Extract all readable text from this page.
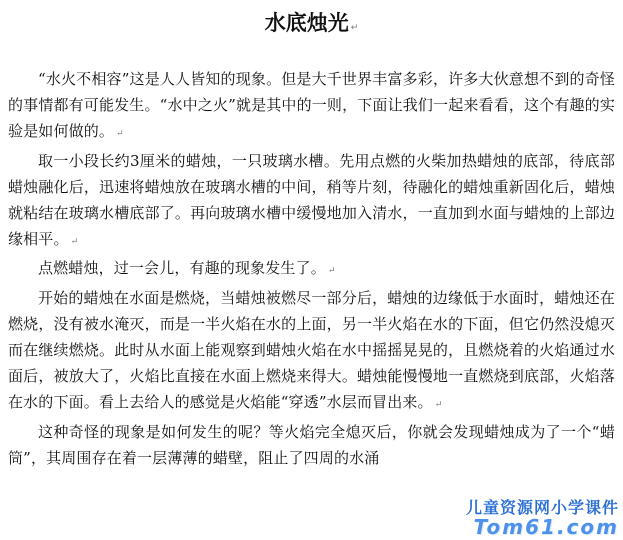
水底烛光 ↵

“水火不相容”这是人人皆知的现象。但是大千世界丰富多彩，许多大伙意想不到的奇怪的事情都有可能发生。“水中之火”就是其中的一则，下面让我们一起来看看，这个有趣的实验是如何做的。 ↵

取一小段长约3厘米的蜡烛，一只玻璃水槽。先用点燃的火柴加热蜡烛的底部，待底部蜡烛融化后，迅速将蜡烛放在玻璃水槽的中间，稍等片刻，待融化的蜡烛重新固化后，蜡烛就粘结在玻璃水槽底部了。再向玻璃水槽中缓慢地加入清水，一直加到水面与蜡烛的上部边缘相平。 ↵

点燃蜡烛，过一会儿，有趣的现象发生了。 ↵

开始的蜡烛在水面是燃烧，当蜡烛被燃尽一部分后，蜡烛的边缘低于水面时，蜡烛还在燃烧，没有被水淹灭，而是一半火焰在水的上面，另一半火焰在水的下面，但它仍然没熄灭而在继续燃烧。此时从水面上能观察到蜡烛火焰在水中摇摇晃晃的，且燃烧着的火焰通过水面后，被放大了，火焰比直接在水面上燃烧来得大。蜡烛能慢慢地一直燃烧到底部，火焰落在水的下面。看上去给人的感觉是火焰能“穿透”水层而冒出来。 ↵

这种奇怪的现象是如何发生的呢？等火焰完全熄灭后，你就会发现蜡烛成为了一个“蜡筒”，其周围存在着一层薄薄的蜡壁，阻止了四周的水涌

儿童资源网小学课件
Tom61.com
